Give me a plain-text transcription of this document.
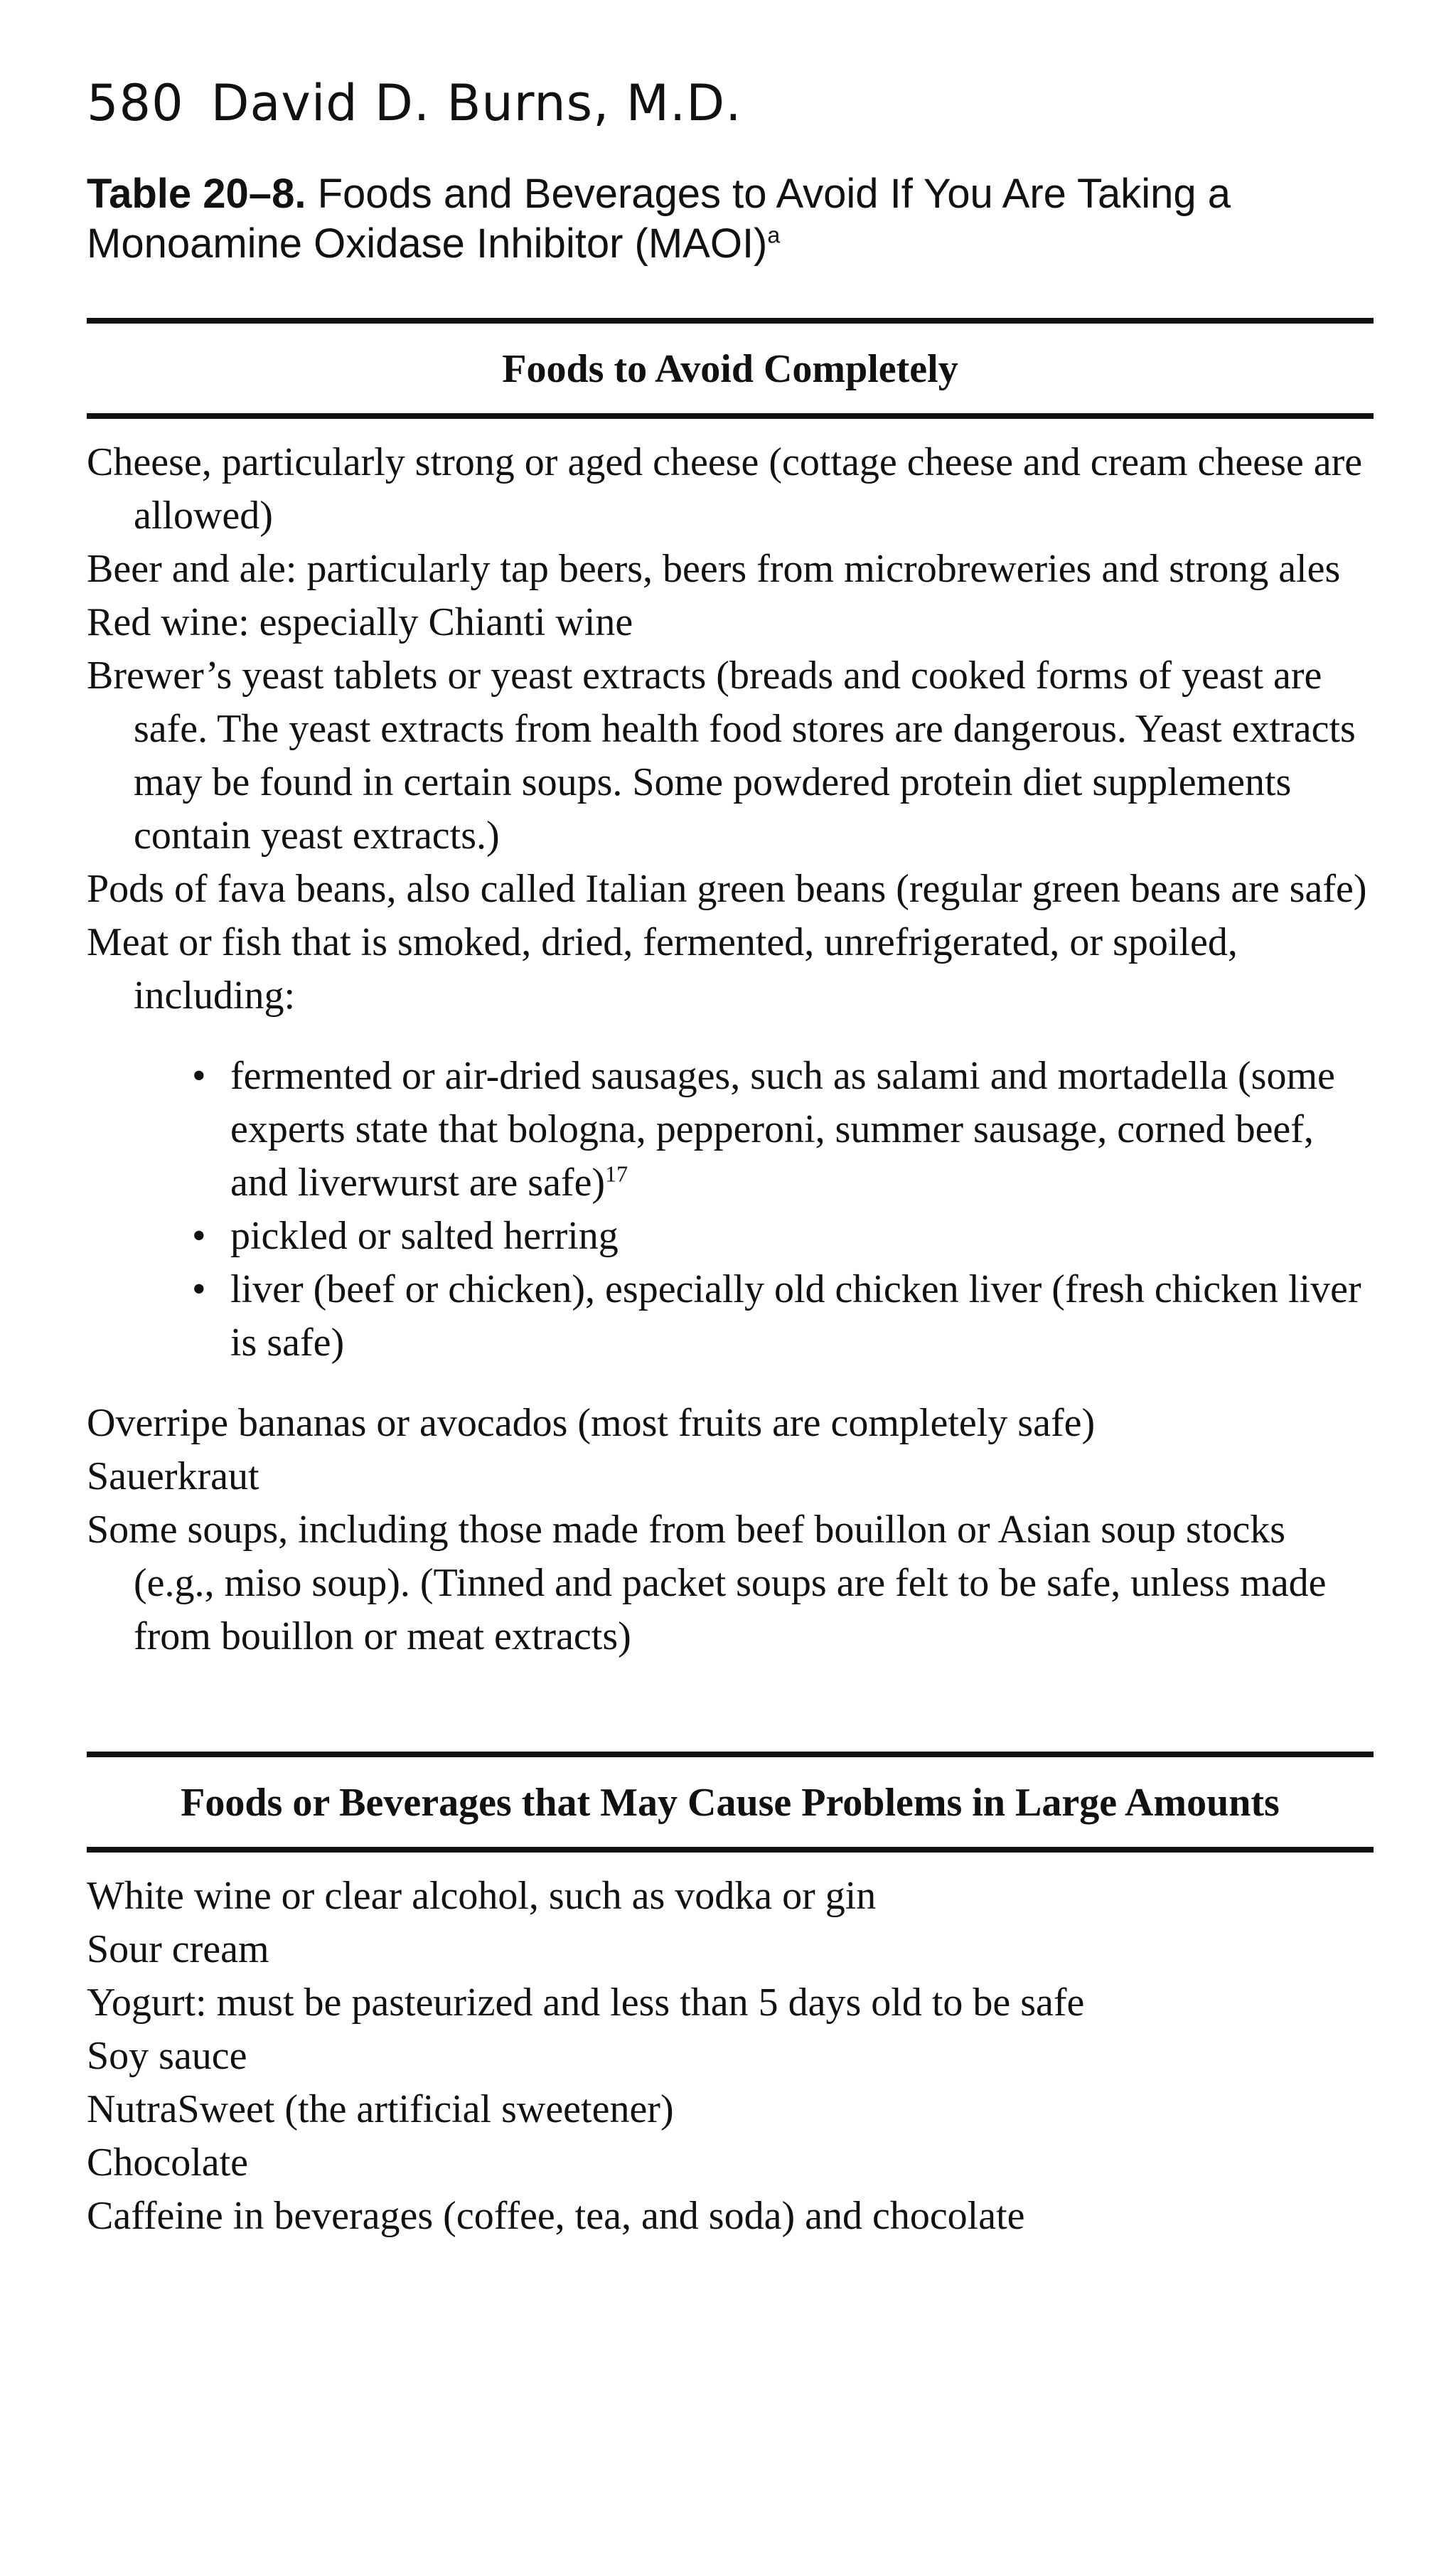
580 David D. Burns, M.D.
Table 20–8. Foods and Beverages to Avoid If You Are Taking a Monoamine Oxidase Inhibitor (MAOI)$^a$
Foods to Avoid Completely
Cheese, particularly strong or aged cheese (cottage cheese and cream cheese are allowed)
Beer and ale: particularly tap beers, beers from microbreweries and strong ales
Red wine: especially Chianti wine
Brewer’s yeast tablets or yeast extracts (breads and cooked forms of yeast are safe. The yeast extracts from health food stores are dangerous. Yeast extracts may be found in certain soups. Some powdered protein diet supplements contain yeast extracts.)
Pods of fava beans, also called Italian green beans (regular green beans are safe)
Meat or fish that is smoked, dried, fermented, unrefrigerated, or spoiled, including:
• fermented or air-dried sausages, such as salami and mortadella (some experts state that bologna, pepperoni, summer sausage, corned beef, and liverwurst are safe)$^{17}$
• pickled or salted herring
• liver (beef or chicken), especially old chicken liver (fresh chicken liver is safe)
Overripe bananas or avocados (most fruits are completely safe)
Sauerkraut
Some soups, including those made from beef bouillon or Asian soup stocks (e.g., miso soup). (Tinned and packet soups are felt to be safe, unless made from bouillon or meat extracts)
Foods or Beverages that May Cause Problems in Large Amounts
White wine or clear alcohol, such as vodka or gin
Sour cream
Yogurt: must be pasteurized and less than 5 days old to be safe
Soy sauce
NutraSweet (the artificial sweetener)
Chocolate
Caffeine in beverages (coffee, tea, and soda) and chocolate
